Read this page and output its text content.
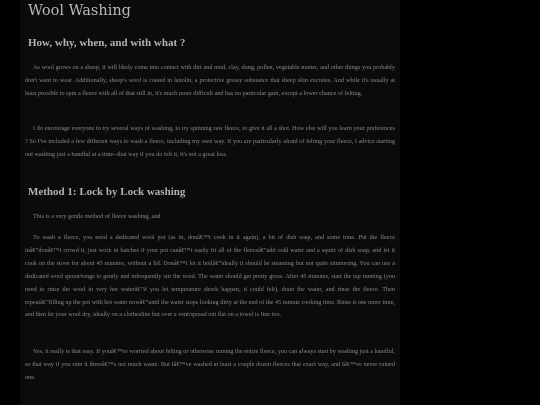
Wool Washing
How, why, when, and with what ?

As wool grows on a sheep, it will likely come into contact with dirt and mud, clay, dung, pollen, vegetable matter, and other things you probably don't want to wear. Additionally, sheep's wool is coated in lanolin, a protective greasy substance that sheep skin excretes. And while it's usually at least possible to spin a fleece with all of that still in, it's much more difficult and has no particular gain, except a lower chance of felting.

I do encourage everyone to try several ways of washing, to try spinning raw fleece, to give it all a shot. How else will you learn your preferences ? So I've included a few different ways to wash a fleece, including my own way. If you are particularly afraid of felting your fleece, I advice starting out washing just a handful at a time--that way if you do felt it, it's not a great loss.

Method 1: Lock by Lock washing

This is a very gentle method of fleece washing, and

To wash a fleece, you need a dedicated wool pot (as in, donâ€™t cook in it again), a bit of dish soap, and some time. Put the fleece inâ€”donâ€™t crowd it, just work in batches if your pot canâ€™t easily fit all of the fleeceâ€”add cold water and a squirt of dish soap, and let it cook on the stove for about 45 minutes, without a lid. Donâ€™t let it boilâ€”ideally it should be steaming but not quite simmering. You can use a dedicated wool spoon/tongs to gently and infrequently stir the wool. The water should get pretty gross. After 45 minutes, start the tap running (you need to rinse the wool in very hot waterâ€”if you let temperature shock happen, it could felt), drain the water, and rinse the fleece. Then repeatâ€”filling up the pot with hot water nowâ€”until the water stops looking dirty at the end of the 45 minute cooking time. Rinse it one more time, and then let your wool dry, ideally on a clothesline but over a vent/spread out flat on a towel is fine too.

Yes, it really is that easy. If youâ€™re worried about felting or otherwise ruining the entire fleece, you can always start by washing just a handful, so that way if you ruin it thereâ€™s not much waste. But Iâ€™ve washed at least a couple dozen fleeces that exact way, and Iâ€™ve never ruined one.
